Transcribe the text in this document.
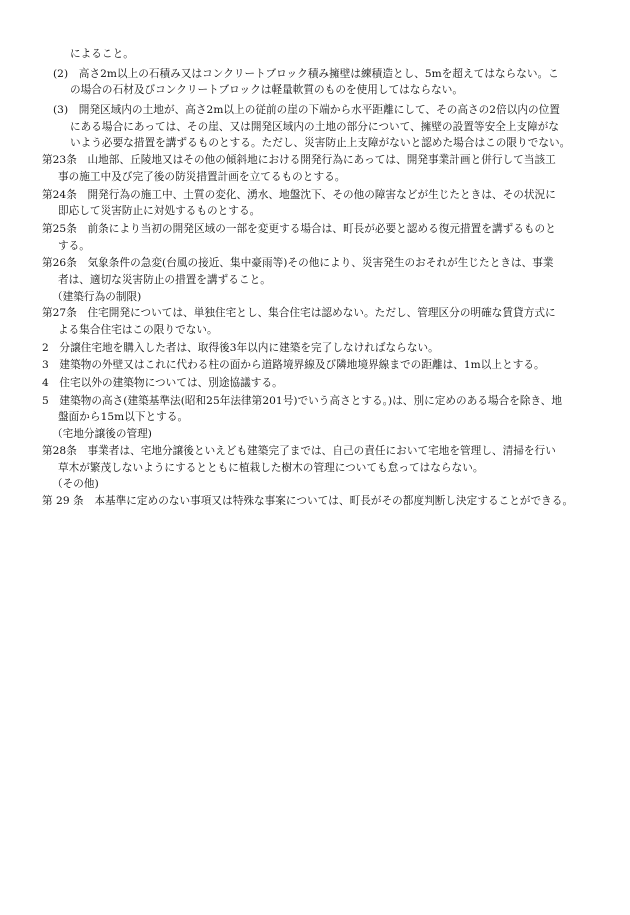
によること。
(2)　高さ2m以上の石積み又はコンクリートブロック積み擁壁は練積造とし、5mを超えてはならない。こ
の場合の石材及びコンクリートブロックは軽量軟質のものを使用してはならない。
(3)　開発区域内の土地が、高さ2m以上の従前の崖の下端から水平距離にして、その高さの2倍以内の位置
にある場合にあっては、その崖、又は開発区域内の土地の部分について、擁壁の設置等安全上支障がな
いよう必要な措置を講ずるものとする。ただし、災害防止上支障がないと認めた場合はこの限りでない。
第23条　山地部、丘陵地又はその他の傾斜地における開発行為にあっては、開発事業計画と併行して当該工
事の施工中及び完了後の防災措置計画を立てるものとする。
第24条　開発行為の施工中、土質の変化、湧水、地盤沈下、その他の障害などが生じたときは、その状況に
即応して災害防止に対処するものとする。
第25条　前条により当初の開発区域の一部を変更する場合は、町長が必要と認める復元措置を講ずるものと
する。
第26条　気象条件の急変(台風の接近、集中豪雨等)その他により、災害発生のおそれが生じたときは、事業
者は、適切な災害防止の措置を講ずること。
（建築行為の制限)
第27条　住宅開発については、単独住宅とし、集合住宅は認めない。ただし、管理区分の明確な賃貸方式に
よる集合住宅はこの限りでない。
2　分譲住宅地を購入した者は、取得後3年以内に建築を完了しなければならない。
3　建築物の外壁又はこれに代わる柱の面から道路境界線及び隣地境界線までの距離は、1m以上とする。
4　住宅以外の建築物については、別途協議する。
5　建築物の高さ(建築基準法(昭和25年法律第201号)でいう高さとする。)は、別に定めのある場合を除き、地
盤面から15m以下とする。
（宅地分譲後の管理)
第28条　事業者は、宅地分譲後といえども建築完了までは、自己の責任において宅地を管理し、清掃を行い
草木が繁茂しないようにするとともに植栽した樹木の管理についても怠ってはならない。
（その他)
第 29 条　本基準に定めのない事項又は特殊な事案については、町長がその都度判断し決定することができる。
